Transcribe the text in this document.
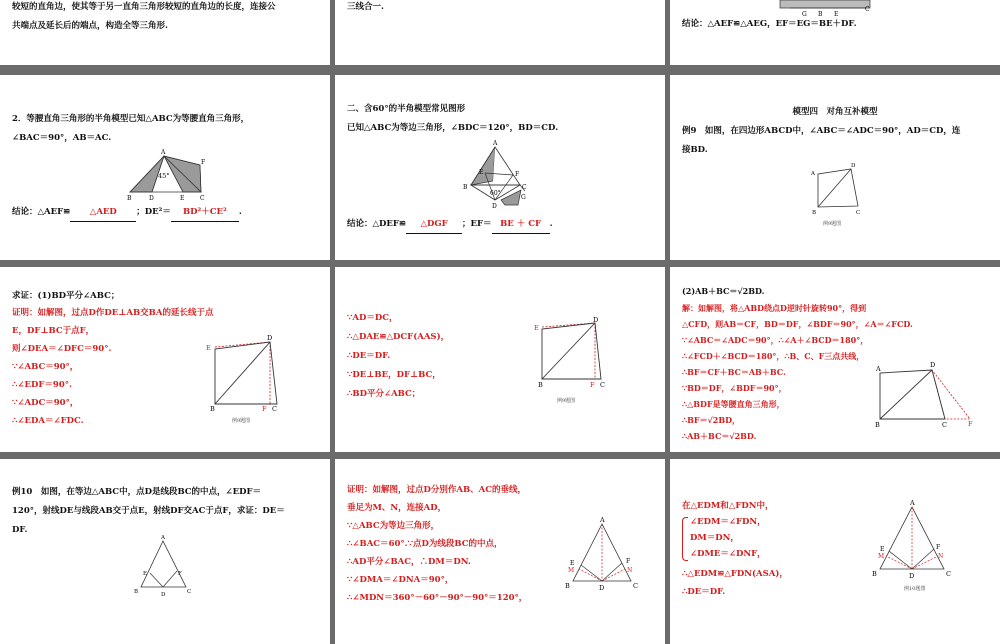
较短的直角边，使其等于另一直角三角形较短的直角边的长度，连接公
共端点及延长后的端点，构造全等三角形.
三线合一.
G B E
C
结论：△AEF≌△AEG，EF＝EG＝BE＋DF.
2．等腰直角三角形的半角模型已知△ABC为等腰直角三角形，
∠BAC＝90°，AB＝AC.
45°
A
F
B	D	E	C
结论：△AEF≌ △AED ；DE²＝ BD²＋CE² .
二、含60°的半角模型常见图形
已知△ABC为等边三角形，∠BDC＝120°，BD＝CD.
60°
A
E	F
B	C
D
G
结论：△DEF≌ △DGF ；EF＝ BE ＋ CF .
模型四　对角互补模型
例9　如图，在四边形ABCD中，∠ABC＝∠ADC＝90°，AD＝CD，连
接BD.
A
D
B	C
例9题图
求证：(1)BD平分∠ABC；
证明：如解图，过点D作DE⊥AB交BA的延长线于点
E，DF⊥BC于点F，
则∠DEA＝∠DFC＝90°.
∵∠ABC＝90°，
∴∠EDF＝90°.
∵∠ADC＝90°，
∴∠EDA＝∠FDC.
E
D
B	F C
例9题图
∵AD＝DC，
∴△DAE≌△DCF(AAS)，
∴DE＝DF.
∵DE⊥BE，DF⊥BC，
∴BD平分∠ABC；
E
D
B	F C
例9题图
(2)AB＋BC＝√2BD.
解：如解图，将△ABD绕点D逆时针旋转90°，得到
△CFD，则AB＝CF，BD＝DF，∠BDF＝90°，∠A＝∠FCD.
∵∠ABC＝∠ADC＝90°，∴∠A＋∠BCD＝180°，
∴∠FCD＋∠BCD＝180°，∴B、C、F三点共线，
∴BF＝CF＋BC＝AB＋BC.
∵BD＝DF，∠BDF＝90°，
∴△BDF是等腰直角三角形，
∴BF＝√2BD，
∴AB＋BC＝√2BD.
A	D
B	C	F
例10　如图，在等边△ABC中，点D是线段BC的中点，∠EDF＝
120°，射线DE与线段AB交于点E，射线DF交AC于点F，求证：DE＝
DF.
A
E	F
B	D	C
证明：如解图，过点D分别作AB、AC的垂线，
垂足为M、N，连接AD，
∵△ABC为等边三角形，
∴∠BAC＝60°.∵点D为线段BC的中点，
∴AD平分∠BAC，∴DM＝DN.
∵∠DMA＝∠DNA＝90°，
∴∠MDN＝360°－60°－90°－90°＝120°，
A
E
M
F
N
B	D	C
在△EDM和△FDN中，
∠EDM＝∠FDN，
DM＝DN，
∠DME＝∠DNF，
∴△EDM≌△FDN(ASA)，
∴DE＝DF.
A
E
M
F
N
B	D	C
例10题图
